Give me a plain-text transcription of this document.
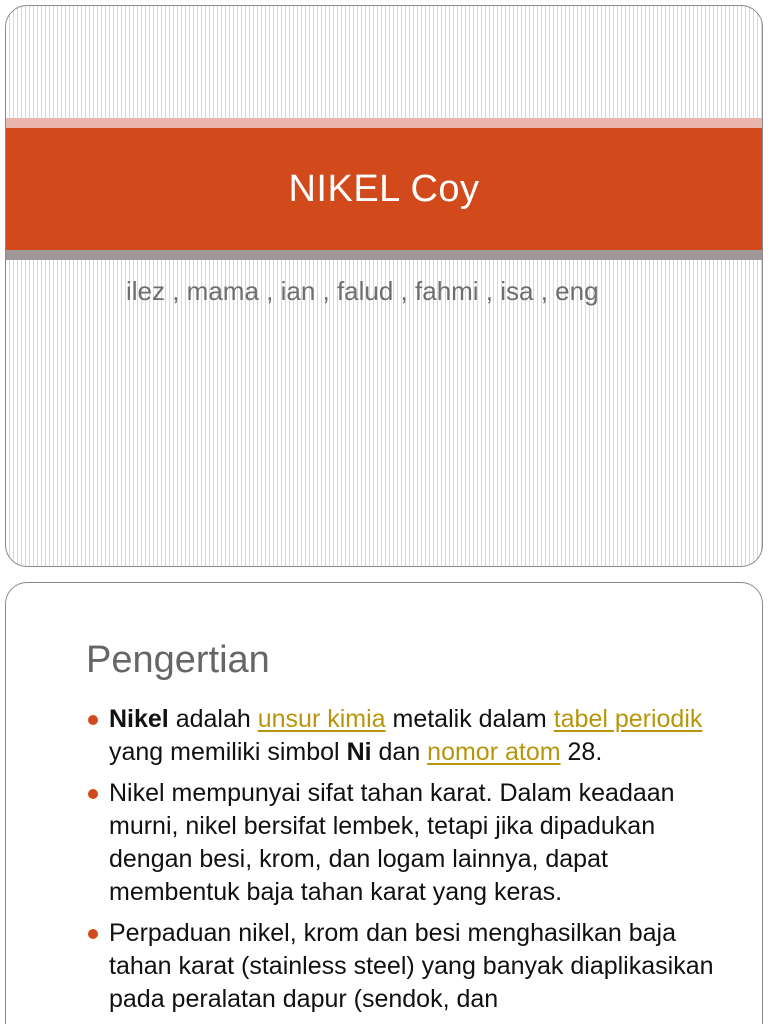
NIKEL Coy

ilez , mama , ian , falud , fahmi , isa , eng

Pengertian
Nikel adalah unsur kimia metalik dalam tabel periodik yang memiliki simbol Ni dan nomor atom 28.
Nikel mempunyai sifat tahan karat. Dalam keadaan murni, nikel bersifat lembek, tetapi jika dipadukan dengan besi, krom, dan logam lainnya, dapat membentuk baja tahan karat yang keras.
Perpaduan nikel, krom dan besi menghasilkan baja tahan karat (stainless steel) yang banyak diaplikasikan pada peralatan dapur (sendok, dan
